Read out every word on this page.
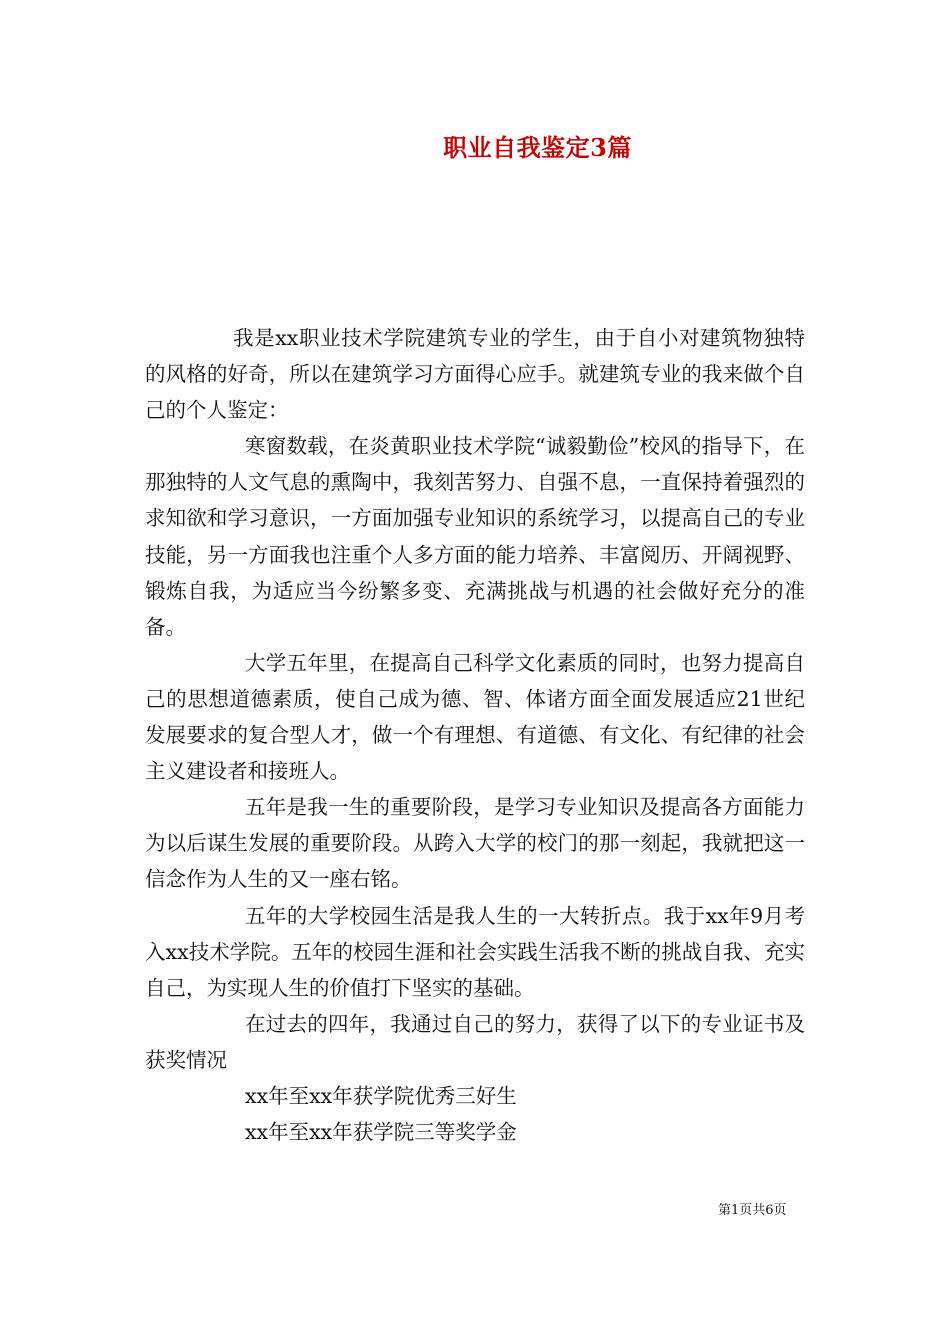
职业自我鉴定3篇

我是xx职业技术学院建筑专业的学生，由于自小对建筑物独特的风格的好奇，所以在建筑学习方面得心应手。就建筑专业的我来做个自己的个人鉴定：

寒窗数载，在炎黄职业技术学院“诚毅勤俭”校风的指导下，在那独特的人文气息的熏陶中，我刻苦努力、自强不息，一直保持着强烈的求知欲和学习意识，一方面加强专业知识的系统学习，以提高自己的专业技能，另一方面我也注重个人多方面的能力培养、丰富阅历、开阔视野、锻炼自我，为适应当今纷繁多变、充满挑战与机遇的社会做好充分的准备。

大学五年里，在提高自己科学文化素质的同时，也努力提高自己的思想道德素质，使自己成为德、智、体诸方面全面发展适应21世纪发展要求的复合型人才，做一个有理想、有道德、有文化、有纪律的社会主义建设者和接班人。

五年是我一生的重要阶段，是学习专业知识及提高各方面能力为以后谋生发展的重要阶段。从跨入大学的校门的那一刻起，我就把这一信念作为人生的又一座右铭。

五年的大学校园生活是我人生的一大转折点。我于xx年9月考入xx技术学院。五年的校园生涯和社会实践生活我不断的挑战自我、充实自己，为实现人生的价值打下坚实的基础。

在过去的四年，我通过自己的努力，获得了以下的专业证书及获奖情况

xx年至xx年获学院优秀三好生

xx年至xx年获学院三等奖学金

第1页共6页
